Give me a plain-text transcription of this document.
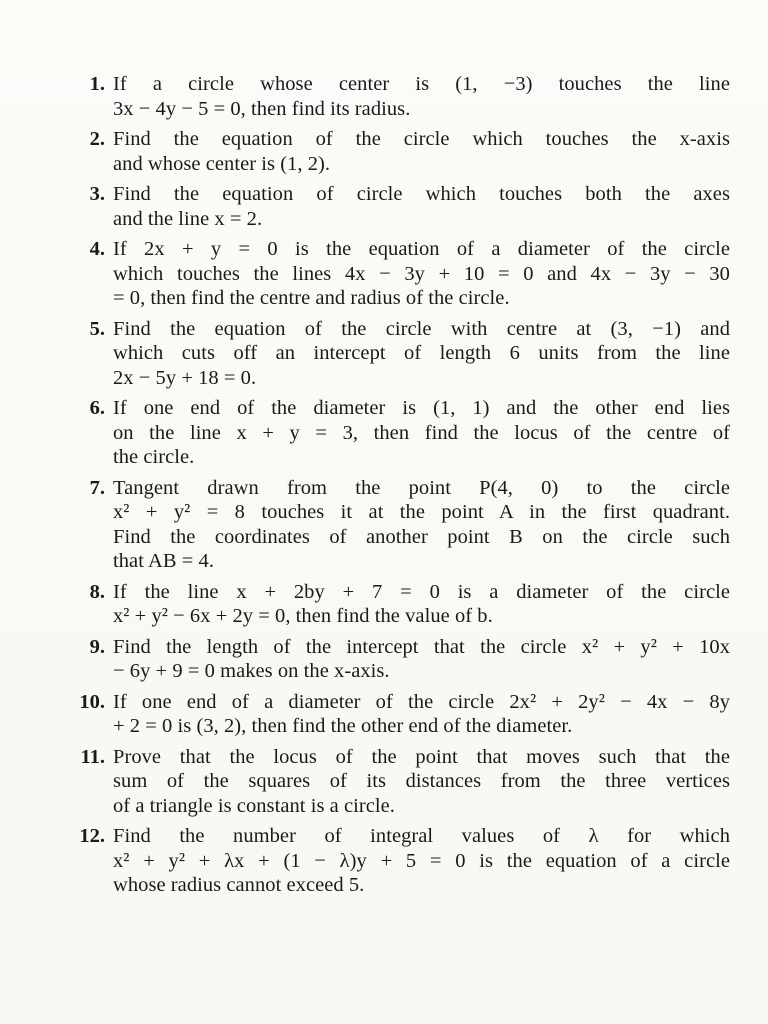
1. If a circle whose center is (1, −3) touches the line
3x − 4y − 5 = 0, then find its radius.
2. Find the equation of the circle which touches the x-axis
and whose center is (1, 2).
3. Find the equation of circle which touches both the axes
and the line x = 2.
4. If 2x + y = 0 is the equation of a diameter of the circle
which touches the lines 4x − 3y + 10 = 0 and 4x − 3y − 30
= 0, then find the centre and radius of the circle.
5. Find the equation of the circle with centre at (3, −1) and
which cuts off an intercept of length 6 units from the line
2x − 5y + 18 = 0.
6. If one end of the diameter is (1, 1) and the other end lies
on the line x + y = 3, then find the locus of the centre of
the circle.
7. Tangent drawn from the point P(4, 0) to the circle
x² + y² = 8 touches it at the point A in the first quadrant.
Find the coordinates of another point B on the circle such
that AB = 4.
8. If the line x + 2by + 7 = 0 is a diameter of the circle
x² + y² − 6x + 2y = 0, then find the value of b.
9. Find the length of the intercept that the circle x² + y² + 10x
− 6y + 9 = 0 makes on the x-axis.
10. If one end of a diameter of the circle 2x² + 2y² − 4x − 8y
+ 2 = 0 is (3, 2), then find the other end of the diameter.
11. Prove that the locus of the point that moves such that the
sum of the squares of its distances from the three vertices
of a triangle is constant is a circle.
12. Find the number of integral values of λ for which
x² + y² + λx + (1 − λ)y + 5 = 0 is the equation of a circle
whose radius cannot exceed 5.
